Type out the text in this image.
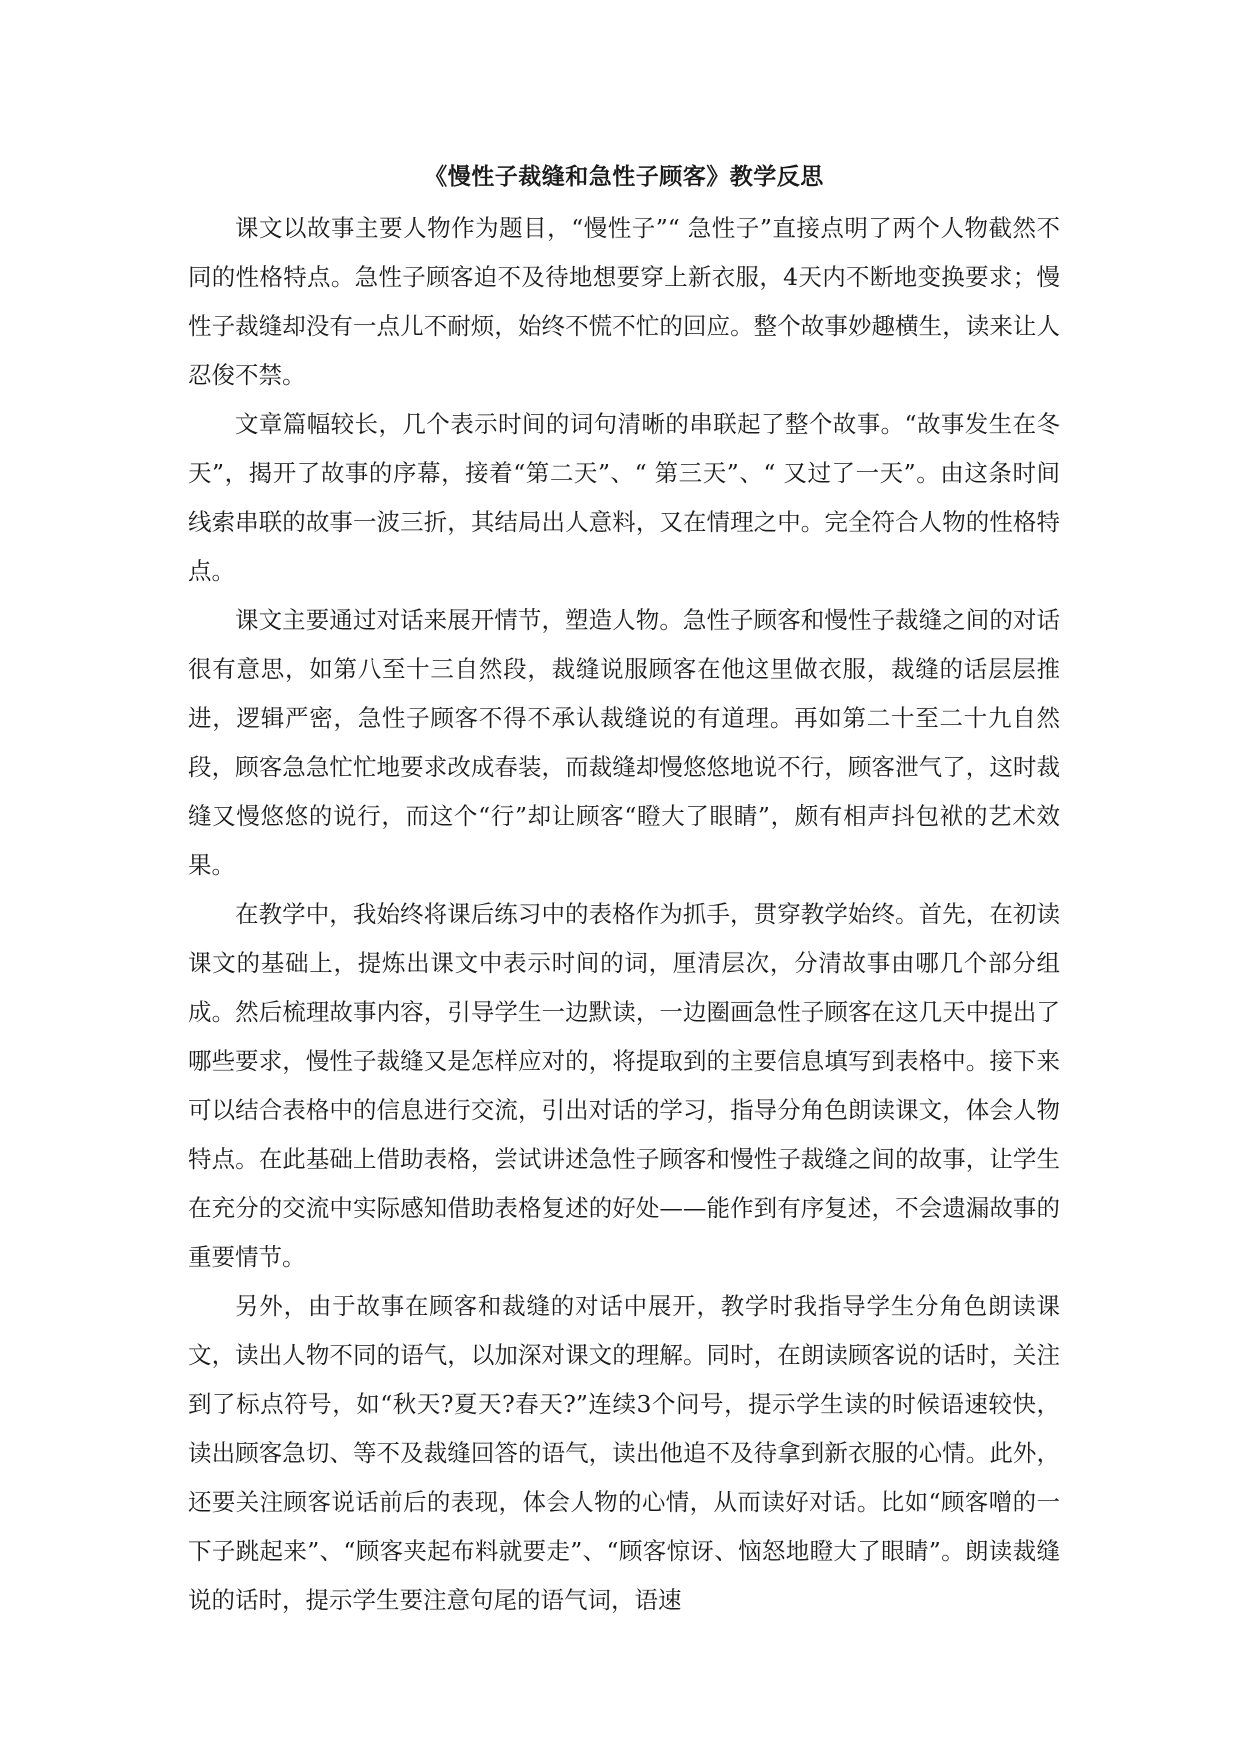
《慢性子裁缝和急性子顾客》教学反思

课文以故事主要人物作为题目，“慢性子”“ 急性子”直接点明了两个人物截然不同的性格特点。急性子顾客迫不及待地想要穿上新衣服，4天内不断地变换要求；慢性子裁缝却没有一点儿不耐烦，始终不慌不忙的回应。整个故事妙趣横生，读来让人忍俊不禁。

文章篇幅较长，几个表示时间的词句清晰的串联起了整个故事。“故事发生在冬天”，揭开了故事的序幕，接着“第二天”、“ 第三天”、“ 又过了一天”。由这条时间线索串联的故事一波三折，其结局出人意料，又在情理之中。完全符合人物的性格特点。

课文主要通过对话来展开情节，塑造人物。急性子顾客和慢性子裁缝之间的对话很有意思，如第八至十三自然段，裁缝说服顾客在他这里做衣服，裁缝的话层层推进，逻辑严密，急性子顾客不得不承认裁缝说的有道理。再如第二十至二十九自然段，顾客急急忙忙地要求改成春装，而裁缝却慢悠悠地说不行，顾客泄气了，这时裁缝又慢悠悠的说行，而这个“行”却让顾客“瞪大了眼睛”，颇有相声抖包袱的艺术效果。

在教学中，我始终将课后练习中的表格作为抓手，贯穿教学始终。首先，在初读课文的基础上，提炼出课文中表示时间的词，厘清层次，分清故事由哪几个部分组成。然后梳理故事内容，引导学生一边默读，一边圈画急性子顾客在这几天中提出了哪些要求，慢性子裁缝又是怎样应对的，将提取到的主要信息填写到表格中。接下来可以结合表格中的信息进行交流，引出对话的学习，指导分角色朗读课文，体会人物特点。在此基础上借助表格，尝试讲述急性子顾客和慢性子裁缝之间的故事，让学生在充分的交流中实际感知借助表格复述的好处——能作到有序复述，不会遗漏故事的重要情节。

另外，由于故事在顾客和裁缝的对话中展开，教学时我指导学生分角色朗读课文，读出人物不同的语气，以加深对课文的理解。同时，在朗读顾客说的话时，关注到了标点符号，如“秋天?夏天?春天?”连续3个问号，提示学生读的时候语速较快，读出顾客急切、等不及裁缝回答的语气，读出他追不及待拿到新衣服的心情。此外，还要关注顾客说话前后的表现，体会人物的心情，从而读好对话。比如“顾客噌的一下子跳起来”、“顾客夹起布料就要走”、“顾客惊讶、恼怒地瞪大了眼睛”。朗读裁缝说的话时，提示学生要注意句尾的语气词，语速
